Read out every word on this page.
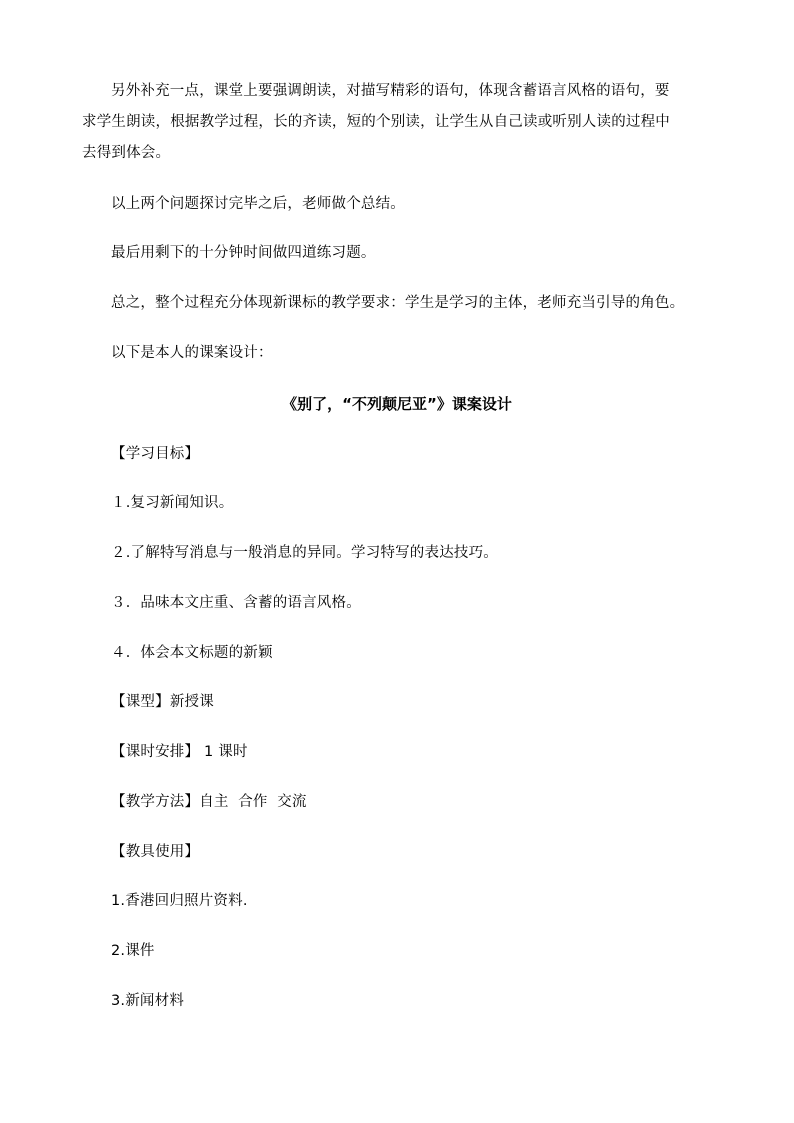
另外补充一点，课堂上要强调朗读，对描写精彩的语句，体现含蓄语言风格的语句，要
求学生朗读，根据教学过程，长的齐读，短的个别读，让学生从自己读或听别人读的过程中
去得到体会。
以上两个问题探讨完毕之后，老师做个总结。
最后用剩下的十分钟时间做四道练习题。
总之，整个过程充分体现新课标的教学要求：学生是学习的主体，老师充当引导的角色。
以下是本人的课案设计：
《别了，“不列颠尼亚”》课案设计
【学习目标】
１.复习新闻知识。
２.了解特写消息与一般消息的异同。学习特写的表达技巧。
３．品味本文庄重、含蓄的语言风格。
４．体会本文标题的新颖
【课型】新授课
【课时安排】 1 课时
【教学方法】自主  合作  交流
【教具使用】
1.香港回归照片资料.
2.课件
3.新闻材料
